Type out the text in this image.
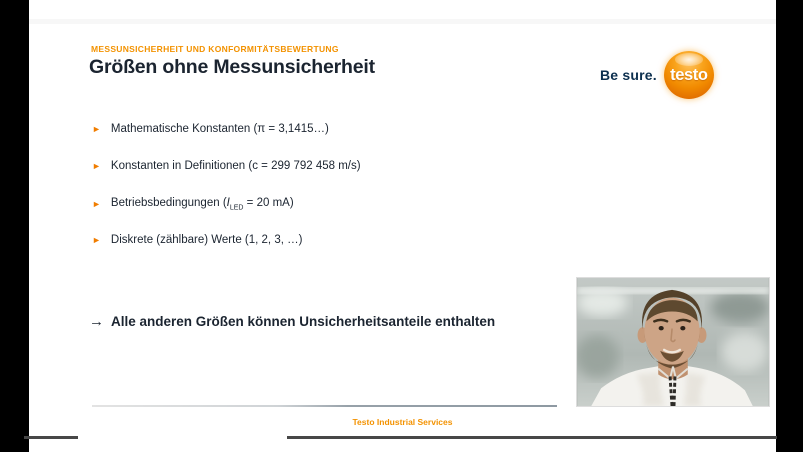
MESSUNSICHERHEIT UND KONFORMITÄTSBEWERTUNG
Größen ohne Messunsicherheit	Be sure. testo
► Mathematische Konstanten (π = 3,1415…)
► Konstanten in Definitionen (c = 299 792 458 m/s)
► Betriebsbedingungen ($I_{LED} = 20$ mA)
► Diskrete (zählbare) Werte (1, 2, 3, …)
→ Alle anderen Größen können Unsicherheitsanteile enthalten
Testo Industrial Services
